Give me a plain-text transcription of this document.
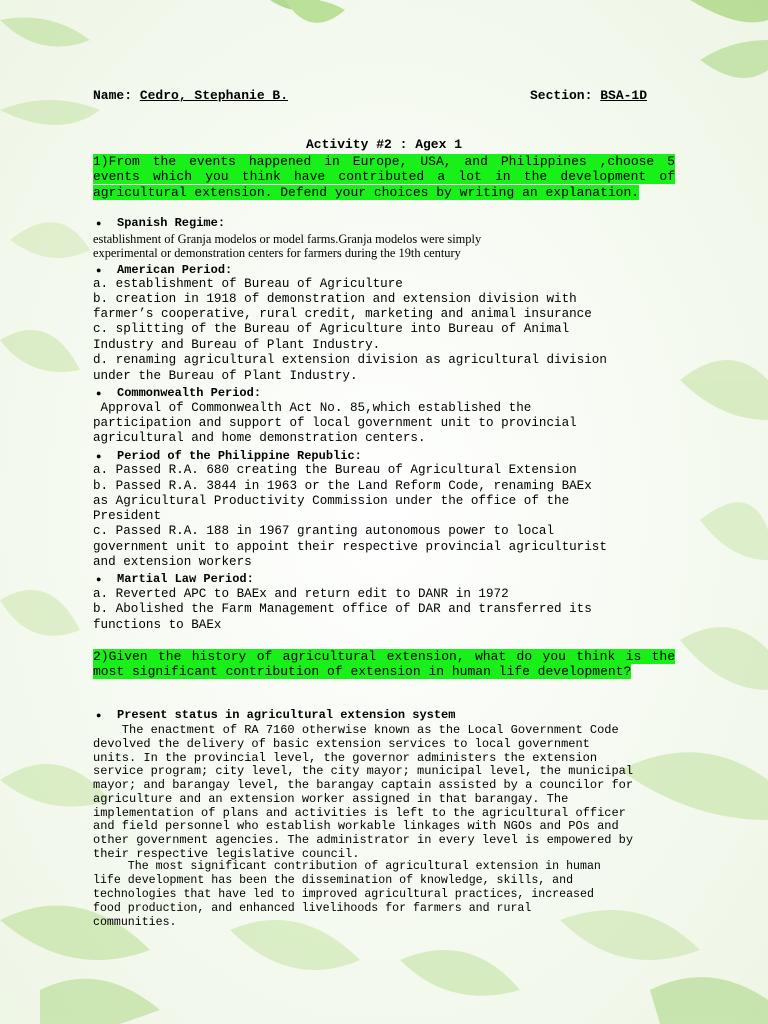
Name: Cedro, Stephanie B.	Section: BSA-1D
Activity #2 : Agex 1
1)From the events happened in Europe, USA, and Philippines ,choose 5 events which you think have contributed a lot in the development of agricultural extension. Defend your choices by writing an explanation.
● Spanish Regime:
establishment of Granja modelos or model farms.Granja modelos were simply
experimental or demonstration centers for farmers during the 19th century
● American Period:
a. establishment of Bureau of Agriculture
b. creation in 1918 of demonstration and extension division with
farmer’s cooperative, rural credit, marketing and animal insurance
c. splitting of the Bureau of Agriculture into Bureau of Animal
Industry and Bureau of Plant Industry.
d. renaming agricultural extension division as agricultural division
under the Bureau of Plant Industry.
● Commonwealth Period:
Approval of Commonwealth Act No. 85,which established the
participation and support of local government unit to provincial
agricultural and home demonstration centers.
● Period of the Philippine Republic:
a. Passed R.A. 680 creating the Bureau of Agricultural Extension
b. Passed R.A. 3844 in 1963 or the Land Reform Code, renaming BAEx
as Agricultural Productivity Commission under the office of the
President
c. Passed R.A. 188 in 1967 granting autonomous power to local
government unit to appoint their respective provincial agriculturist
and extension workers
● Martial Law Period:
a. Reverted APC to BAEx and return edit to DANR in 1972
b. Abolished the Farm Management office of DAR and transferred its
functions to BAEx
2)Given the history of agricultural extension, what do you think is the most significant contribution of extension in human life development?
● Present status in agricultural extension system
The enactment of RA 7160 otherwise known as the Local Government Code
devolved the delivery of basic extension services to local government
units. In the provincial level, the governor administers the extension
service program; city level, the city mayor; municipal level, the municipal
mayor; and barangay level, the barangay captain assisted by a councilor for
agriculture and an extension worker assigned in that barangay. The
implementation of plans and activities is left to the agricultural officer
and field personnel who establish workable linkages with NGOs and POs and
other government agencies. The administrator in every level is empowered by
their respective legislative council.
The most significant contribution of agricultural extension in human
life development has been the dissemination of knowledge, skills, and
technologies that have led to improved agricultural practices, increased
food production, and enhanced livelihoods for farmers and rural
communities.
